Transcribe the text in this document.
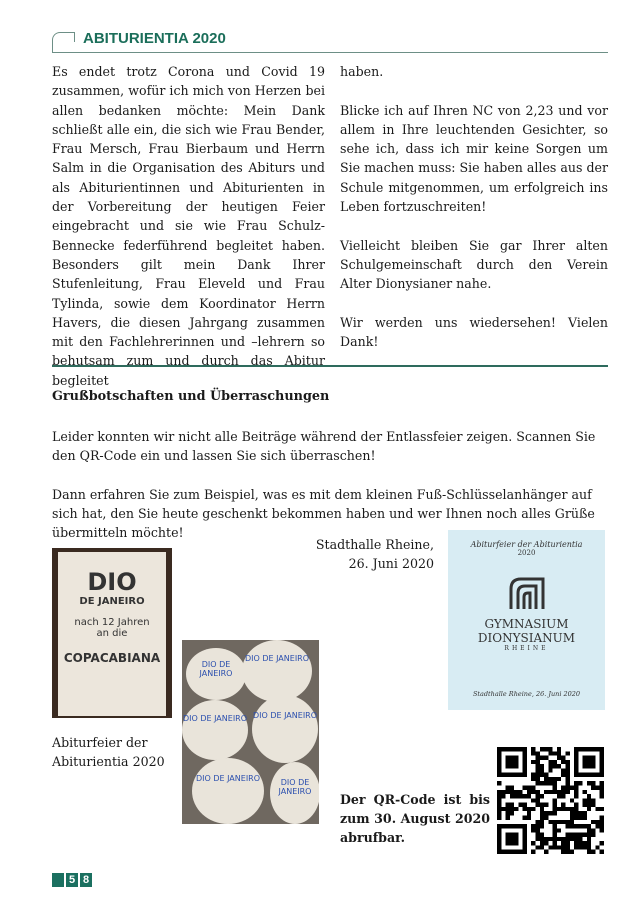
ABITURIENTIA 2020

Es endet trotz Corona und Covid 19 zusammen, wofür ich mich von Herzen bei allen bedanken möchte: Mein Dank schließt alle ein, die sich wie Frau Bender, Frau Mersch, Frau Bierbaum und Herrn Salm in die Organisation des Abiturs und als Abiturientinnen und Abiturienten in der Vorbereitung der heutigen Feier eingebracht und sie wie Frau Schulz-Bennecke federführend begleitet haben. Besonders gilt mein Dank Ihrer Stufenleitung, Frau Eleveld und Frau Tylinda, sowie dem Koordinator Herrn Havers, die diesen Jahrgang zusammen mit den Fachlehrerinnen und –lehrern so behutsam zum und durch das Abitur begleitet

haben.

Blicke ich auf Ihren NC von 2,23 und vor allem in Ihre leuchtenden Gesichter, so sehe ich, dass ich mir keine Sorgen um Sie machen muss: Sie haben alles aus der Schule mitgenommen, um erfolgreich ins Leben fortzuschreiten!

Vielleicht bleiben Sie gar Ihrer alten Schulgemeinschaft durch den Verein Alter Dionysianer nahe.

Wir werden uns wiedersehen! Vielen Dank!

Grußbotschaften und Überraschungen

Leider konnten wir nicht alle Beiträge während der Entlassfeier zeigen. Scannen Sie den QR-Code ein und lassen Sie sich überraschen!

Dann erfahren Sie zum Beispiel, was es mit dem kleinen Fuß-Schlüsselanhänger auf sich hat, den Sie heute geschenkt bekommen haben und wer Ihnen noch alles Grüße übermitteln möchte!

Stadthalle Rheine,
26. Juni 2020
DIO
DE JANEIRO
nach 12 Jahren
an die
COPACABIANA
Abiturfeier der
Abiturientia 2020
DIO DE JANEIRO
DIO DE JANEIRO
DIO DE JANEIRO DIO DE JANEIRO
DIO DE JANEIRO	DIO DE JANEIRO
Abiturfeier der Abiturientia
2020
GYMNASIUM
DIONYSIANUM
RHEINE
Stadthalle Rheine, 26. Juni 2020
Der QR-Code ist bis zum 30. August 2020 abrufbar.
5 8
